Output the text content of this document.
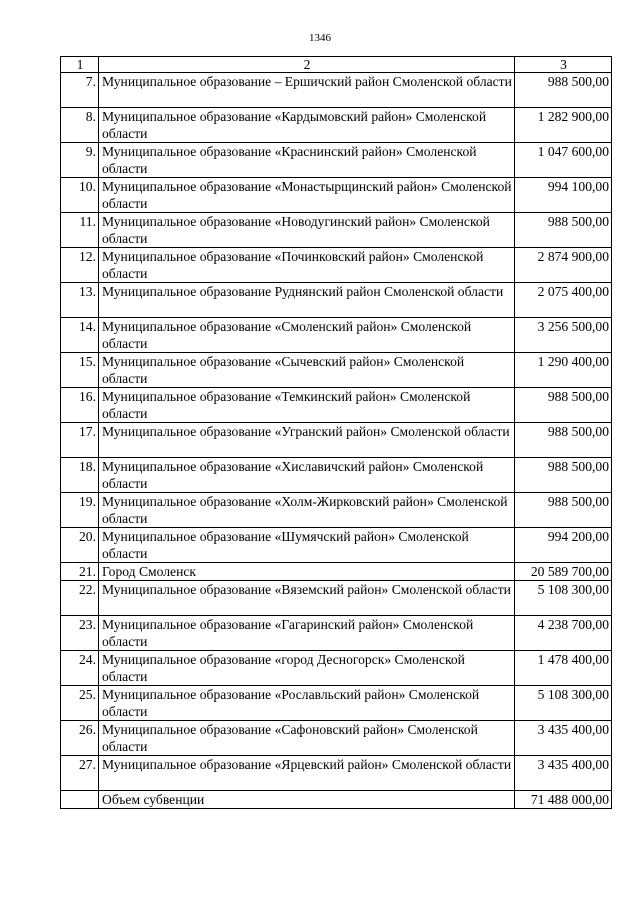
1346
1	2	3
7.	Муниципальное образование – Ершичский район Смоленской области	988 500,00
8.	Муниципальное образование «Кардымовский район» Смоленской области	1 282 900,00
9.	Муниципальное образование «Краснинский район» Смоленской области	1 047 600,00
10.	Муниципальное образование «Монастырщинский район» Смоленской области	994 100,00
11.	Муниципальное образование «Новодугинский район» Смоленской области	988 500,00
12.	Муниципальное образование «Починковский район» Смоленской области	2 874 900,00
13.	Муниципальное образование Руднянский район Смоленской области	2 075 400,00
14.	Муниципальное образование «Смоленский район» Смоленской области	3 256 500,00
15.	Муниципальное образование «Сычевский район» Смоленской области	1 290 400,00
16.	Муниципальное образование «Темкинский район» Смоленской области	988 500,00
17.	Муниципальное образование «Угранский район» Смоленской области	988 500,00
18.	Муниципальное образование «Хиславичский район» Смоленской области	988 500,00
19.	Муниципальное образование «Холм-Жирковский район» Смоленской области	988 500,00
20.	Муниципальное образование «Шумячский район» Смоленской области	994 200,00
21.	Город Смоленск	20 589 700,00
22.	Муниципальное образование «Вяземский район» Смоленской области	5 108 300,00
23.	Муниципальное образование «Гагаринский район» Смоленской области	4 238 700,00
24.	Муниципальное образование «город Десногорск» Смоленской области	1 478 400,00
25.	Муниципальное образование «Рославльский район» Смоленской области	5 108 300,00
26.	Муниципальное образование «Сафоновский район» Смоленской области	3 435 400,00
27.	Муниципальное образование «Ярцевский район» Смоленской области	3 435 400,00
	Объем субвенции	71 488 000,00
